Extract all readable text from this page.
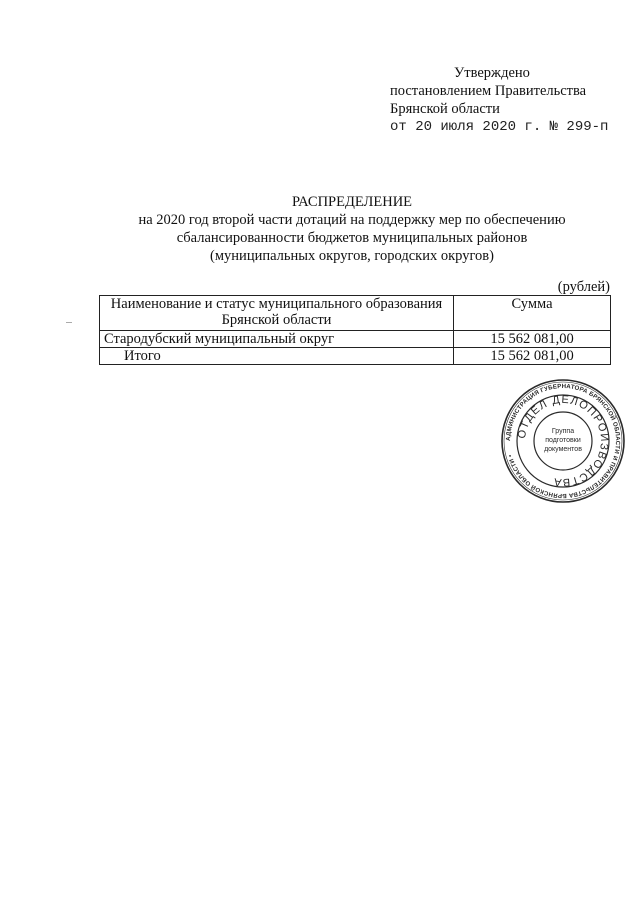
Утверждено
постановлением Правительства
Брянской области
от 20 июля 2020 г. № 299-п
РАСПРЕДЕЛЕНИЕ
на 2020 год второй части дотаций на поддержку мер по обеспечению
сбалансированности бюджетов муниципальных районов
(муниципальных округов, городских округов)
(рублей)
Наименование и статус муниципального образования Брянской области	Сумма
Стародубский муниципальный округ	15 562 081,00
Итого	15 562 081,00
АДМИНИСТРАЦИЯ ГУБЕРНАТОРА БРЯНСКОЙ ОБЛАСТИ И ПРАВИТЕЛЬСТВА БРЯНСКОЙ ОБЛАСТИ •
ОТДЕЛ ДЕЛОПРОИЗВОДСТВА
Группа
подготовки
документов
